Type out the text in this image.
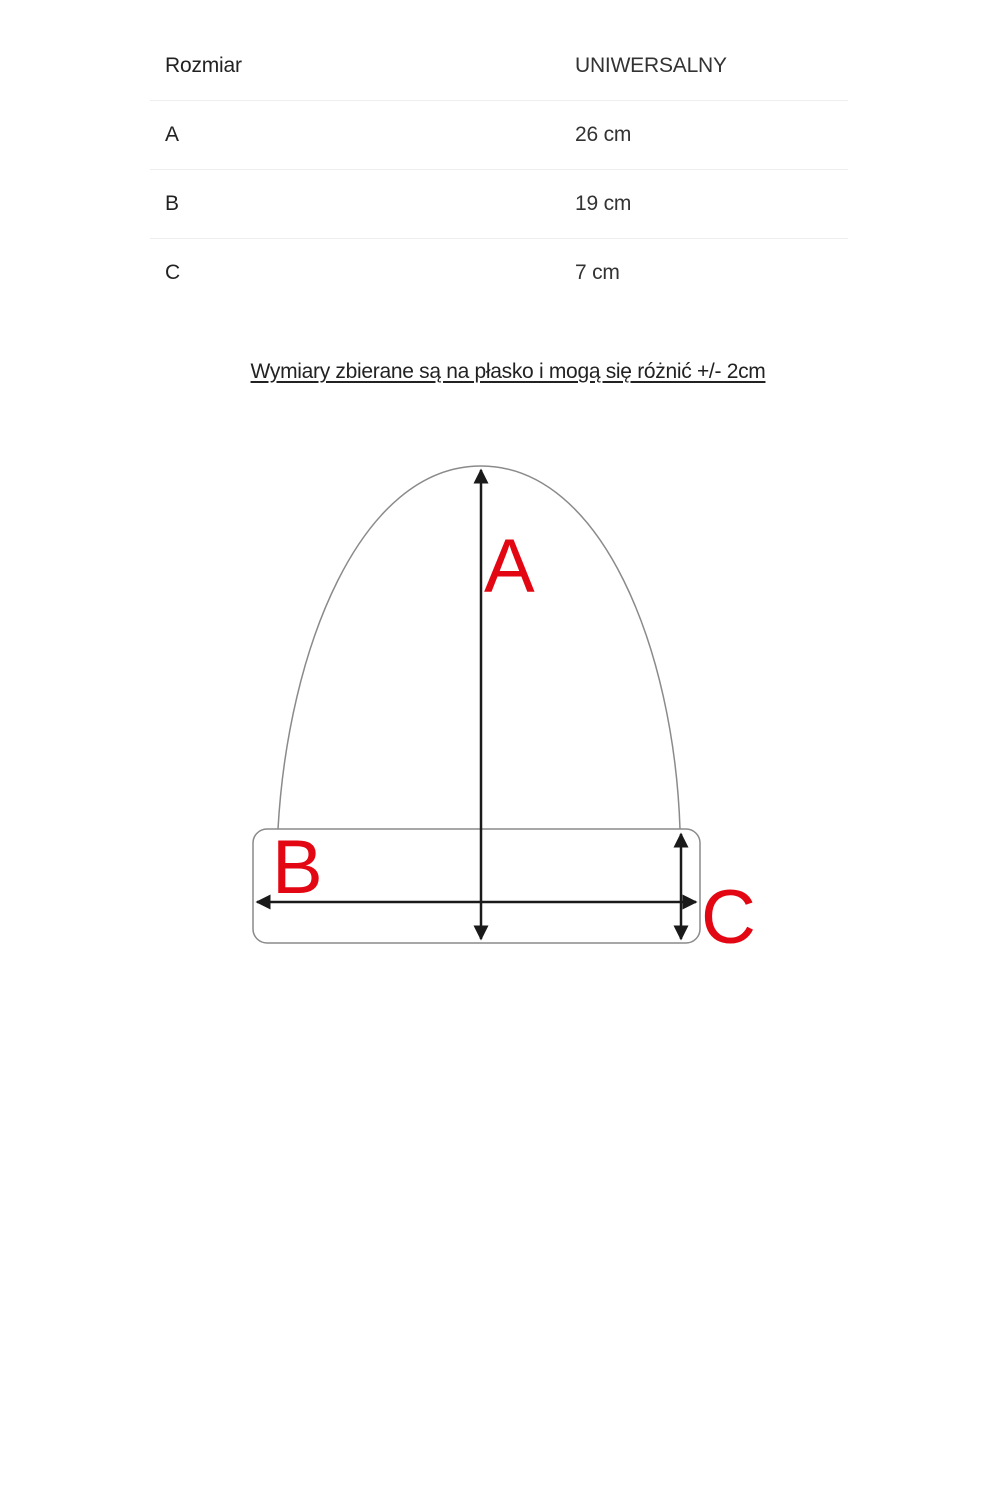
Rozmiar	UNIWERSALNY
A	26 cm
B	19 cm
C	7 cm
Wymiary zbierane są na płasko i mogą się różnić +/- 2cm
A
B
C
